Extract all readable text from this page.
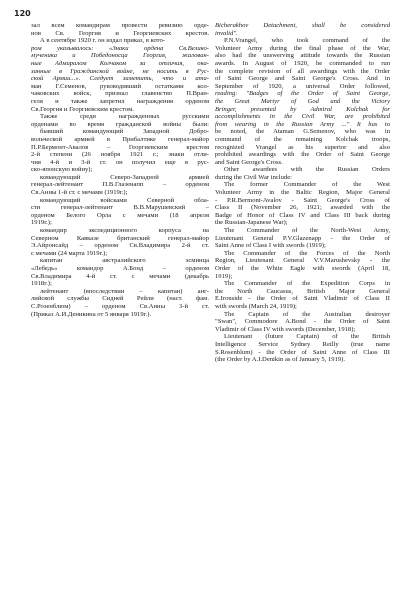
120

зал всем командирам провести ревизию орде-

нов Св. Георгия и Георгиевских крестов.

А в сентябре 1920 г. он издал приказ, в кото-

ром указывалось: «Знаки ордена Св.Велико-

мученика и Победоносца Георгия, жалован-

ные Адмиралом Колчаком за отличия, ока-

занные в Гражданской войне, не носить в Рус-

ской Армии...». Следует заметить, что и ата-

ман Г.Семенов, руководивший остатками кол-

чаковских войск, признал главенство П.Вран-

геля и также запретил награждения орденом

Св.Георгия и Георгиевским крестом.

Также среди награжденных русскими

орденами во время гражданской войны были:

бывший командующий Западной Добро-

вольческой армией в Прибалтике генерал-майор

П.Р.Бермонт-Авалов – Георгиевским крестом

2-й степени (26 ноября 1921 г.; знаки отли-

чия 4-й и 3-й ст. он получил еще в рус-

ско-японскую войну);

командующий Северо-Западной армией

генерал-лейтенант П.В.Глазенапп – орденом

Св.Анны 1-й ст. с мечами (1919г.);

командующий войсками Северной обла-

сти генерал-лейтенант В.В.Марушевский –

орденом Белого Орла с мечами (18 апреля

1919г.);

командир экспедиционного корпуса на

Северном Кавказе британский генерал-майор

Э.Айронсайд – орденом Св.Владимира 2-й ст.

с мечами (24 марта 1919г.);

капитан австралийского эсминца

«Лебедь» командор А.Бонд – орденом

Св.Владимира 4-й ст. с мечами (декабрь

1918г.);

лейтенант (впоследствии – капитан) анг-

лийской службы Сидней Рейли (наст. фам.

С.Розенблюм) – орденом Св.Анны 3-й ст.

(Приказ А.И.Деникина от 5 января 1919г.).

Bicherakhov Detachment, shall be considered

invalid".

P.N.Vrangel, who took command of the

Volunteer Army during the final phase of the War,

also had the unswerving attitude towards the Russian

awards. In August of 1920, he commanded to run

the complete revision of all awardings with the Order

of Saint George and Saint George's Cross. And in

September of 1920, a universal Order followed,

reading: "Badges of the Order of Saint George,

the Great Martyr of God and the Victory

Bringer, presented by Admiral Kolchak for

accomplishments in the Civil War, are prohibited

from wearing in the Russian Army ..." It has to

be noted, the Ataman G.Semenov, who was in

command of the remaining Kolchak troops,

recognized Vrangel as his superior and also

prohibited awardings with the Order of Saint George

and Saint George's Cross.

Other awardees with the Russian Orders

during the Civil War include:

The former Commander of the West

Volunteer Army in the Baltic Region, Major General

- P.R.Bermont-Avalov - Saint George's Cross of

Class II (November 26, 1921; awarded with the

Badge of Honor of Class IV and Class III back during

the Russian-Japanese War);

The Commander of the North-West Army,

Lieutenant General P.V.Glazenapp - the Order of

Saint Anne of Class I with swords (1919);

The Commander of the Forces of the North

Region, Lieutenant General V.V.Marushevsky - the

Order of the White Eagle with swords (April 18,

1919);

The Commander of the Expedition Corps in

the North Caucasus, British Major General

E.Ironside - the Order of Saint Vladimir of Class II

with swords (March 24, 1919);

The Captain of the Australian destroyer

"Swan", Commodore A.Bond - the Order of Saint

Vladimir of Class IV with swords (December, 1918);

Lieutenant (future Captain) of the British

Intelligence Service Sydney Reilly (true name

S.Rosenblum) - the Order of Saint Anne of Class III

(the Order by A.I.Denikin as of January 5, 1919).
